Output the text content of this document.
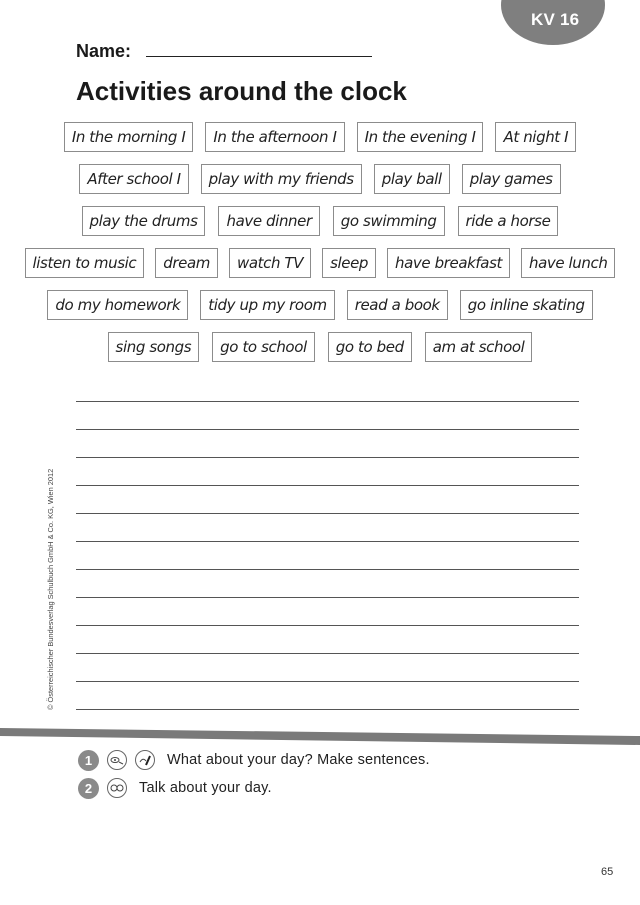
KV 16
Name:
Activities around the clock
In the morning I	In the afternoon I	In the evening I	At night I
After school I	play with my friends	play ball	play games
play the drums	have dinner	go swimming	ride a horse
listen to music	dream	watch TV	sleep	have breakfast	have lunch
do my homework	tidy up my room	read a book	go inline skating
sing songs	go to school	go to bed	am at school
© Österreichischer Bundesverlag Schulbuch GmbH & Co. KG, Wien 2012
1	What about your day? Make sentences.
2	Talk about your day.
65
